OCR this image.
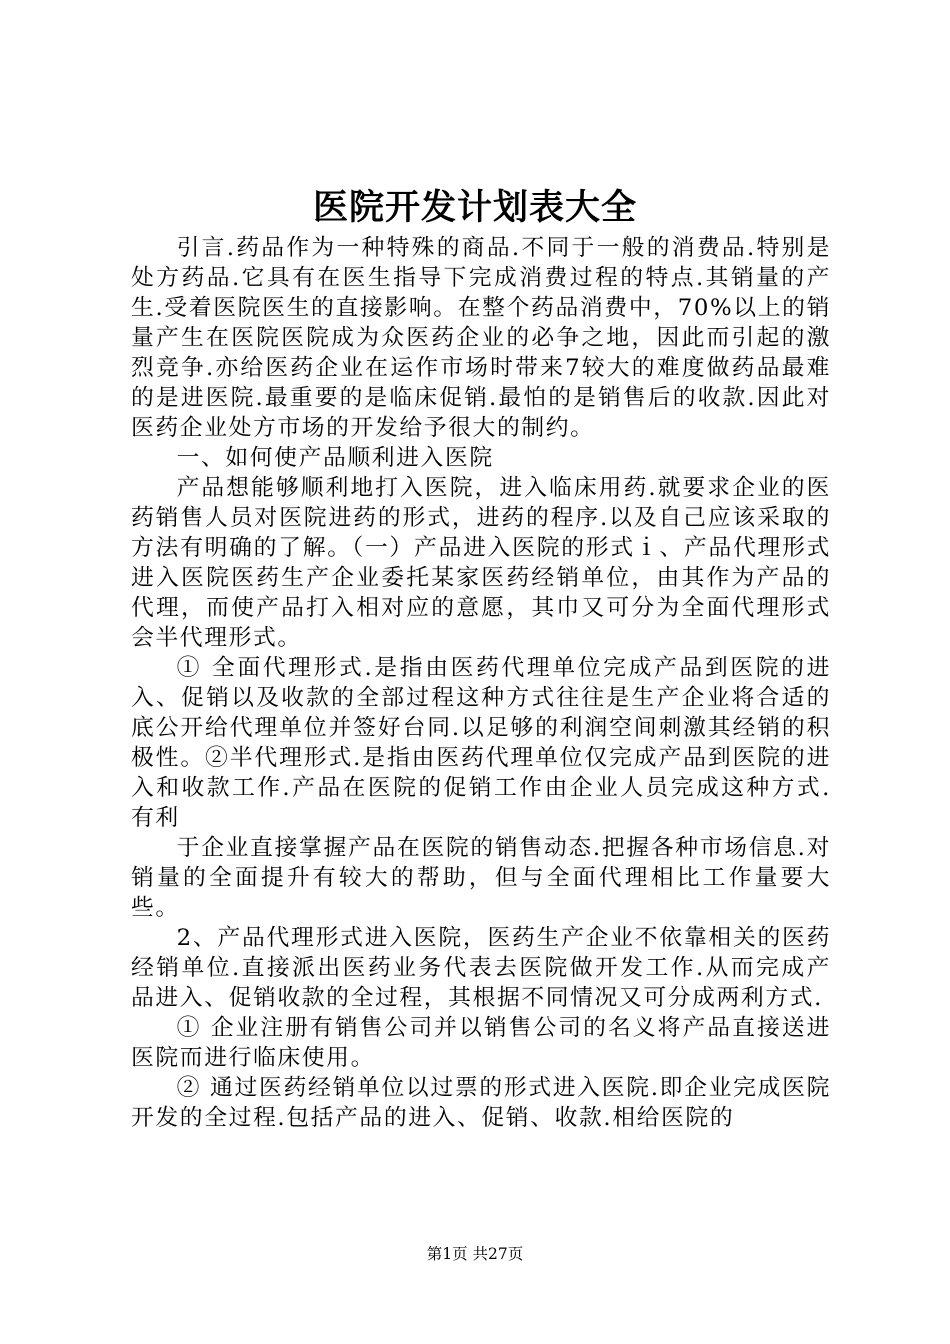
医院开发计划表大全

引言.药品作为一种特殊的商品.不同于一般的消费品.特别是处方药品.它具有在医生指导下完成消费过程的特点.其销量的产生.受着医院医生的直接影响。在整个药品消费中，70%以上的销量产生在医院医院成为众医药企业的必争之地，因此而引起的激烈竞争.亦给医药企业在运作市场时带来7较大的难度做药品最难的是进医院.最重要的是临床促销.最怕的是销售后的收款.因此对医药企业处方市场的开发给予很大的制约。

一、如何使产品顺利进入医院

产品想能够顺利地打入医院，进入临床用药.就要求企业的医药销售人员对医院进药的形式，进药的程序.以及自己应该采取的方法有明确的了解。（一）产品进入医院的形式ｉ、产品代理形式进入医院医药生产企业委托某家医药经销单位，由其作为产品的代理，而使产品打入相对应的意愿，其巾又可分为全面代理形式会半代理形式。

① 全面代理形式.是指由医药代理单位完成产品到医院的进入、促销以及收款的全部过程这种方式往往是生产企业将合适的底公开给代理单位并签好台同.以足够的利润空间刺激其经销的积极性。②半代理形式.是指由医药代理单位仅完成产品到医院的进入和收款工作.产品在医院的促销工作由企业人员完成这种方式.有利

于企业直接掌握产品在医院的销售动态.把握各种市场信息.对销量的全面提升有较大的帮助，但与全面代理相比工作量要大些。

2、产品代理形式进入医院，医药生产企业不依靠相关的医药经销单位.直接派出医药业务代表去医院做开发工作.从而完成产品进入、促销收款的全过程，其根据不同情况又可分成两利方式.

① 企业注册有销售公司并以销售公司的名义将产品直接送进医院而进行临床使用。

② 通过医药经销单位以过票的形式进入医院.即企业完成医院开发的全过程.包括产品的进入、促销、收款.相给医院的

第1页 共27页
